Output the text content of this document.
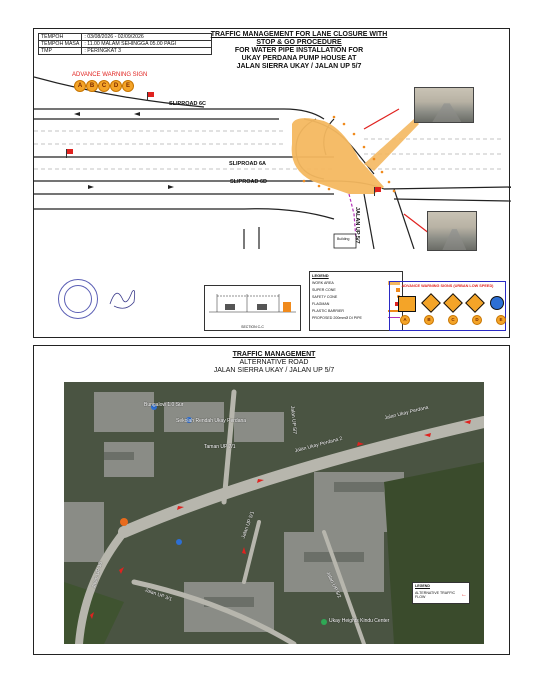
TEMPOH	: 03/08/2026 - 02/09/2026
TEMPOH MASA	: 11.00 MALAM SEHINGGA 05.00 PAGI
TMP	: PERINGKAT 3
TRAFFIC MANAGEMENT FOR LANE CLOSURE WITH
STOP & GO PROCEDURE
FOR WATER PIPE INSTALLATION FOR
UKAY PERDANA PUMP HOUSE AT
JALAN SIERRA UKAY / JALAN UP 5/7
ADVANCE WARNING SIGN
A	B	C	D	E
SLIPROAD 6C
SLIPROAD 6A
SLIPROAD 6D
JALAN UP 5/7
Building
SECTION C-C
LEGEND
WORK AREA
SUPER CONE
SAFETY CONE
FLAGMAN
PLASTIC BARRIER
PROPOSED 200mmØ DI PIPE
ADVANCE WARNING SIGNS (URBAN LOW SPEED)
A	B	C	D	E
TRAFFIC MANAGEMENT
ALTERNATIVE ROAD
JALAN SIERRA UKAY / JALAN UP 5/7
Bungalow 1.0 Sur
Sekolah Rendah Ukay Perdana
Taman UP 7/1
Jalan Ukay Perdana
Jalan UP 5/7
Jalan UP 5/1
Jalan UP 10
Jalan UP 3/1
Jalan Ukay Perdana 2
Jalan UP 5/2
Ukay Heights Kindu Center
LEGEND
ALTERNATIVE TRAFFIC FLOW	←
